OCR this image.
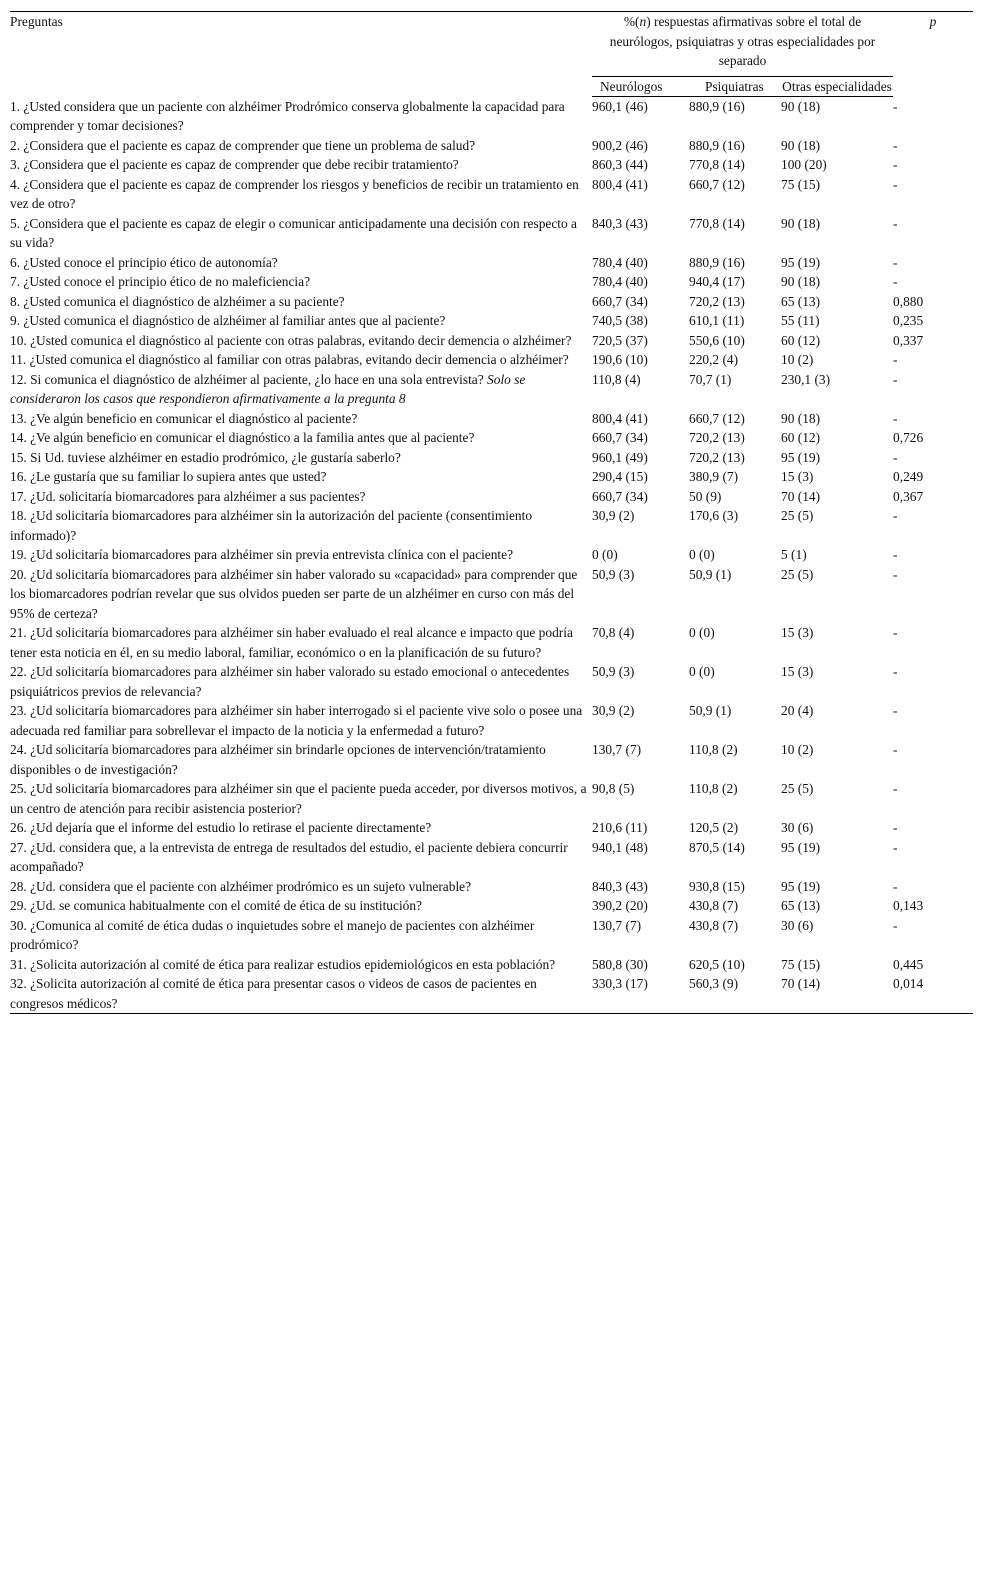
Preguntas	%(n) respuestas afirmativas sobre el total de neurólogos, psiquiatras y otras especialidades por separado			p
	Neurólogos	Psiquiatras	Otras especialidades	
1. ¿Usted considera que un paciente con alzhéimer Prodrómico conserva globalmente la capacidad para comprender y tomar decisiones?	960,1 (46)	880,9 (16)	90 (18)	-
2. ¿Considera que el paciente es capaz de comprender que tiene un problema de salud?	900,2 (46)	880,9 (16)	90 (18)	-
3. ¿Considera que el paciente es capaz de comprender que debe recibir tratamiento?	860,3 (44)	770,8 (14)	100 (20)	-
4. ¿Considera que el paciente es capaz de comprender los riesgos y beneficios de recibir un tratamiento en vez de otro?	800,4 (41)	660,7 (12)	75 (15)	-
5. ¿Considera que el paciente es capaz de elegir o comunicar anticipadamente una decisión con respecto a su vida?	840,3 (43)	770,8 (14)	90 (18)	-
6. ¿Usted conoce el principio ético de autonomía?	780,4 (40)	880,9 (16)	95 (19)	-
7. ¿Usted conoce el principio ético de no maleficiencia?	780,4 (40)	940,4 (17)	90 (18)	-
8. ¿Usted comunica el diagnóstico de alzhéimer a su paciente?	660,7 (34)	720,2 (13)	65 (13)	0,880
9. ¿Usted comunica el diagnóstico de alzhéimer al familiar antes que al paciente?	740,5 (38)	610,1 (11)	55 (11)	0,235
10. ¿Usted comunica el diagnóstico al paciente con otras palabras, evitando decir demencia o alzhéimer?	720,5 (37)	550,6 (10)	60 (12)	0,337
11. ¿Usted comunica el diagnóstico al familiar con otras palabras, evitando decir demencia o alzhéimer?	190,6 (10)	220,2 (4)	10 (2)	-
12. Si comunica el diagnóstico de alzhéimer al paciente, ¿lo hace en una sola entrevista? Solo se consideraron los casos que respondieron afirmativamente a la pregunta 8	110,8 (4)	70,7 (1)	230,1 (3)	-
13. ¿Ve algún beneficio en comunicar el diagnóstico al paciente?	800,4 (41)	660,7 (12)	90 (18)	-
14. ¿Ve algún beneficio en comunicar el diagnóstico a la familia antes que al paciente?	660,7 (34)	720,2 (13)	60 (12)	0,726
15. Si Ud. tuviese alzhéimer en estadio prodrómico, ¿le gustaría saberlo?	960,1 (49)	720,2 (13)	95 (19)	-
16. ¿Le gustaría que su familiar lo supiera antes que usted?	290,4 (15)	380,9 (7)	15 (3)	0,249
17. ¿Ud. solicitaría biomarcadores para alzhéimer a sus pacientes?	660,7 (34)	50 (9)	70 (14)	0,367
18. ¿Ud solicitaría biomarcadores para alzhéimer sin la autorización del paciente (consentimiento informado)?	30,9 (2)	170,6 (3)	25 (5)	-
19. ¿Ud solicitaría biomarcadores para alzhéimer sin previa entrevista clínica con el paciente?	0 (0)	0 (0)	5 (1)	-
20. ¿Ud solicitaría biomarcadores para alzhéimer sin haber valorado su «capacidad» para comprender que los biomarcadores podrían revelar que sus olvidos pueden ser parte de un alzhéimer en curso con más del 95% de certeza?	50,9 (3)	50,9 (1)	25 (5)	-
21. ¿Ud solicitaría biomarcadores para alzhéimer sin haber evaluado el real alcance e impacto que podría tener esta noticia en él, en su medio laboral, familiar, económico o en la planificación de su futuro?	70,8 (4)	0 (0)	15 (3)	-
22. ¿Ud solicitaría biomarcadores para alzhéimer sin haber valorado su estado emocional o antecedentes psiquiátricos previos de relevancia?	50,9 (3)	0 (0)	15 (3)	-
23. ¿Ud solicitaría biomarcadores para alzhéimer sin haber interrogado si el paciente vive solo o posee una adecuada red familiar para sobrellevar el impacto de la noticia y la enfermedad a futuro?	30,9 (2)	50,9 (1)	20 (4)	-
24. ¿Ud solicitaría biomarcadores para alzhéimer sin brindarle opciones de intervención/tratamiento disponibles o de investigación?	130,7 (7)	110,8 (2)	10 (2)	-
25. ¿Ud solicitaría biomarcadores para alzhéimer sin que el paciente pueda acceder, por diversos motivos, a un centro de atención para recibir asistencia posterior?	90,8 (5)	110,8 (2)	25 (5)	-
26. ¿Ud dejaría que el informe del estudio lo retirase el paciente directamente?	210,6 (11)	120,5 (2)	30 (6)	-
27. ¿Ud. considera que, a la entrevista de entrega de resultados del estudio, el paciente debiera concurrir acompañado?	940,1 (48)	870,5 (14)	95 (19)	-
28. ¿Ud. considera que el paciente con alzhéimer prodrómico es un sujeto vulnerable?	840,3 (43)	930,8 (15)	95 (19)	-
29. ¿Ud. se comunica habitualmente con el comité de ética de su institución?	390,2 (20)	430,8 (7)	65 (13)	0,143
30. ¿Comunica al comité de ética dudas o inquietudes sobre el manejo de pacientes con alzhéimer prodrómico?	130,7 (7)	430,8 (7)	30 (6)	-
31. ¿Solicita autorización al comité de ética para realizar estudios epidemiológicos en esta población?	580,8 (30)	620,5 (10)	75 (15)	0,445
32. ¿Solicita autorización al comité de ética para presentar casos o videos de casos de pacientes en congresos médicos?	330,3 (17)	560,3 (9)	70 (14)	0,014
